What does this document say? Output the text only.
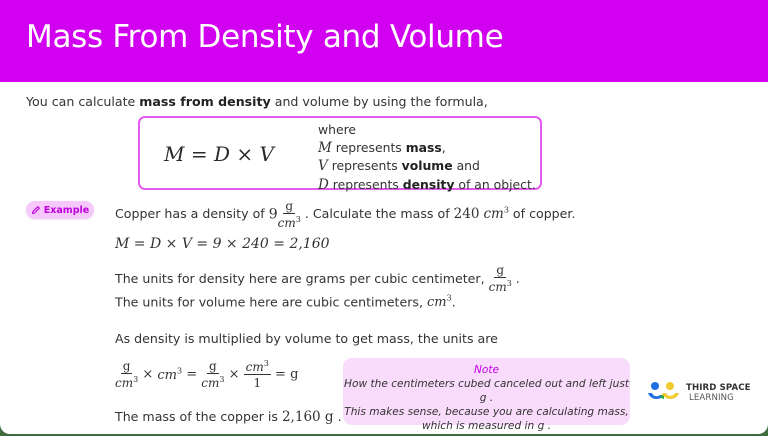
Mass From Density and Volume
You can calculate mass from density and volume by using the formula,
M = D × V
where
M represents mass,
V represents volume and
D represents density of an object.
Example Copper has a density of $9 \frac{g}{cm^3}$ . Calculate the mass of 240 $cm^3$ of copper.
M = D × V = 9 × 240 = 2,160
The units for density here are grams per cubic centimeter, $\frac{g}{cm^3}$ .
The units for volume here are cubic centimeters, $cm^3$.
As density is multiplied by volume to get mass, the units are
$\frac{g}{cm^3} \times cm^3 = \frac{g}{cm^3} \times \frac{cm^3}{1} = g$
The mass of the copper is 2,160 g .
Note
How the centimeters cubed canceled out and left just g .
This makes sense, because you are calculating mass,
which is measured in g .
THIRD SPACE
LEARNING
